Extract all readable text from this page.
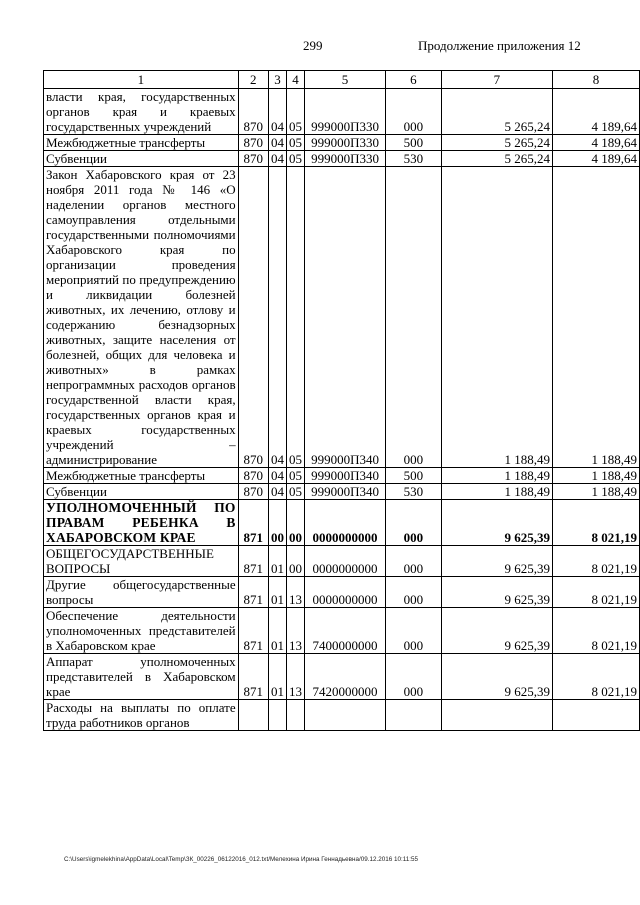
299	Продолжение приложения 12
1	2	3	4	5	6	7	8
власти края, государственных органов края и краевых государственных учреждений	870	04	05	999000П330	000	5 265,24	4 189,64
Межбюджетные трансферты	870	04	05	999000П330	500	5 265,24	4 189,64
Субвенции	870	04	05	999000П330	530	5 265,24	4 189,64
Закон Хабаровского края от 23 ноября 2011 года № 146 «О наделении органов местного самоуправления отдельными государственными полномочиями Хабаровского края по организации проведения мероприятий по предупреждению и ликвидации болезней животных, их лечению, отлову и содержанию безнадзорных животных, защите населения от болезней, общих для человека и животных» в рамках непрограммных расходов органов государственной власти края, государственных органов края и краевых государственных учреждений – администрирование	870	04	05	999000П340	000	1 188,49	1 188,49
Межбюджетные трансферты	870	04	05	999000П340	500	1 188,49	1 188,49
Субвенции	870	04	05	999000П340	530	1 188,49	1 188,49
УПОЛНОМОЧЕННЫЙ ПО ПРАВАМ РЕБЕНКА В ХАБАРОВСКОМ КРАЕ	871	00	00	0000000000	000	9 625,39	8 021,19
ОБЩЕГОСУДАРСТВЕННЫЕ ВОПРОСЫ	871	01	00	0000000000	000	9 625,39	8 021,19
Другие общегосударственные вопросы	871	01	13	0000000000	000	9 625,39	8 021,19
Обеспечение деятельности уполномоченных представителей в Хабаровском крае	871	01	13	7400000000	000	9 625,39	8 021,19
Аппарат уполномоченных представителей в Хабаровском крае	871	01	13	7420000000	000	9 625,39	8 021,19
Расходы на выплаты по оплате труда работников органов							
C:\Users\igmelekhina\AppData\Local\Temp\ЗК_00226_06122016_012.txt/Мелехина Ирина Геннадьевна/09.12.2016 10:11:55
